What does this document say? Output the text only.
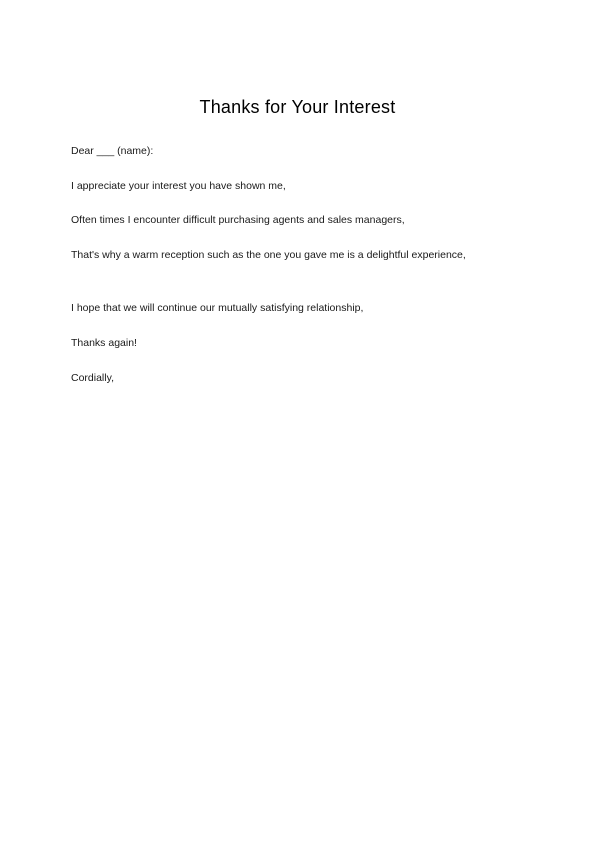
Thanks for Your Interest
Dear ___ (name):
I appreciate your interest you have shown me,
Often times I encounter difficult purchasing agents and sales managers,
That's why a warm reception such as the one you gave me is a delightful experience,
I hope that we will continue our mutually satisfying relationship,
Thanks again!
Cordially,
